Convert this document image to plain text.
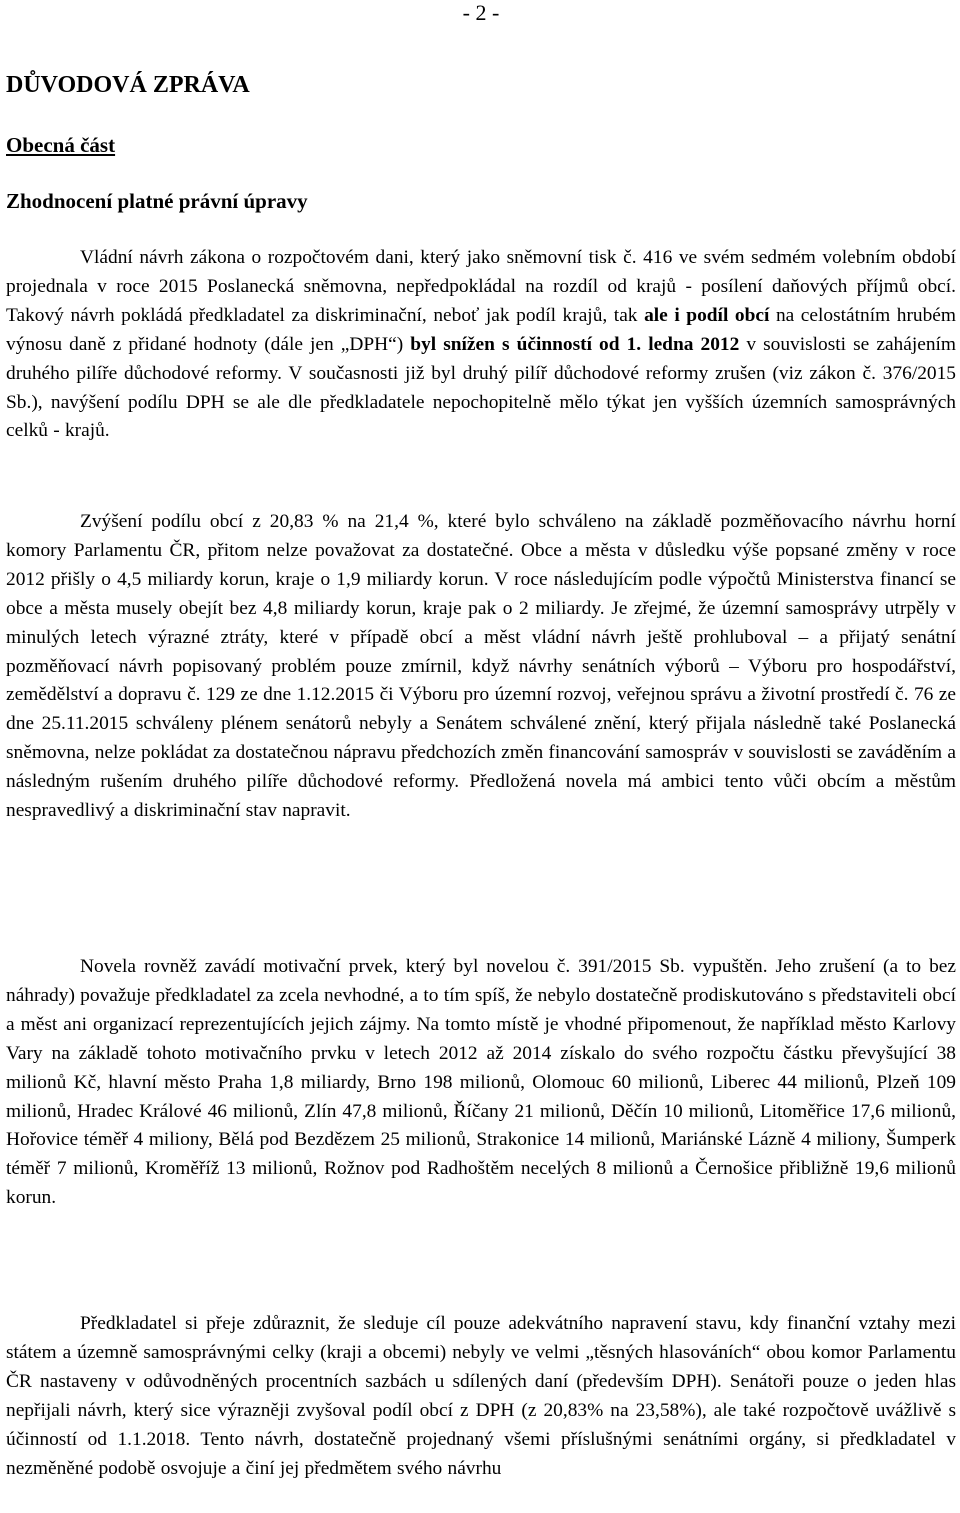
- 2 -
DŮVODOVÁ ZPRÁVA
Obecná část
Zhodnocení platné právní úpravy

Vládní návrh zákona o rozpočtovém dani, který jako sněmovní tisk č. 416 ve svém sedmém volebním období projednala v roce 2015 Poslanecká sněmovna, nepředpokládal na rozdíl od krajů - posílení daňových příjmů obcí. Takový návrh pokládá předkladatel za diskriminační, neboť jak podíl krajů, tak ale i podíl obcí na celostátním hrubém výnosu daně z přidané hodnoty (dále jen „DPH“) byl snížen s účinností od 1. ledna 2012 v souvislosti se zahájením druhého pilíře důchodové reformy. V současnosti již byl druhý pilíř důchodové reformy zrušen (viz zákon č. 376/2015 Sb.), navýšení podílu DPH se ale dle předkladatele nepochopitelně mělo týkat jen vyšších územních samosprávných celků - krajů.

Zvýšení podílu obcí z 20,83 % na 21,4 %, které bylo schváleno na základě pozměňovacího návrhu horní komory Parlamentu ČR, přitom nelze považovat za dostatečné. Obce a města v důsledku výše popsané změny v roce 2012 přišly o 4,5 miliardy korun, kraje o 1,9 miliardy korun. V roce následujícím podle výpočtů Ministerstva financí se obce a města musely obejít bez 4,8 miliardy korun, kraje pak o 2 miliardy. Je zřejmé, že územní samosprávy utrpěly v minulých letech výrazné ztráty, které v případě obcí a měst vládní návrh ještě prohluboval – a přijatý senátní pozměňovací návrh popisovaný problém pouze zmírnil, když návrhy senátních výborů – Výboru pro hospodářství, zemědělství a dopravu č. 129 ze dne 1.12.2015 či Výboru pro územní rozvoj, veřejnou správu a životní prostředí č. 76 ze dne 25.11.2015 schváleny plénem senátorů nebyly a Senátem schválené znění, který přijala následně také Poslanecká sněmovna, nelze pokládat za dostatečnou nápravu předchozích změn financování samospráv v souvislosti se zaváděním a následným rušením druhého pilíře důchodové reformy. Předložená novela má ambici tento vůči obcím a městům nespravedlivý a diskriminační stav napravit.

Novela rovněž zavádí motivační prvek, který byl novelou č. 391/2015 Sb. vypuštěn. Jeho zrušení (a to bez náhrady) považuje předkladatel za zcela nevhodné, a to tím spíš, že nebylo dostatečně prodiskutováno s představiteli obcí a měst ani organizací reprezentujících jejich zájmy. Na tomto místě je vhodné připomenout, že například město Karlovy Vary na základě tohoto motivačního prvku v letech 2012 až 2014 získalo do svého rozpočtu částku převyšující 38 milionů Kč, hlavní město Praha 1,8 miliardy, Brno 198 milionů, Olomouc 60 milionů, Liberec 44 milionů, Plzeň 109 milionů, Hradec Králové 46 milionů, Zlín 47,8 milionů, Říčany 21 milionů, Děčín 10 milionů, Litoměřice 17,6 milionů, Hořovice téměř 4 miliony, Bělá pod Bezdězem 25 milionů, Strakonice 14 milionů, Mariánské Lázně 4 miliony, Šumperk téměř 7 milionů, Kroměříž 13 milionů, Rožnov pod Radhoštěm necelých 8 milionů a Černošice přibližně 19,6 milionů korun.

Předkladatel si přeje zdůraznit, že sleduje cíl pouze adekvátního napravení stavu, kdy finanční vztahy mezi státem a územně samosprávnými celky (kraji a obcemi) nebyly ve velmi „těsných hlasováních“ obou komor Parlamentu ČR nastaveny v odůvodněných procentních sazbách u sdílených daní (především DPH). Senátoři pouze o jeden hlas nepřijali návrh, který sice výrazněji zvyšoval podíl obcí z DPH (z 20,83% na 23,58%), ale také rozpočtově uvážlivě s účinností od 1.1.2018. Tento návrh, dostatečně projednaný všemi příslušnými senátními orgány, si předkladatel v nezměněné podobě osvojuje a činí jej předmětem svého návrhu
